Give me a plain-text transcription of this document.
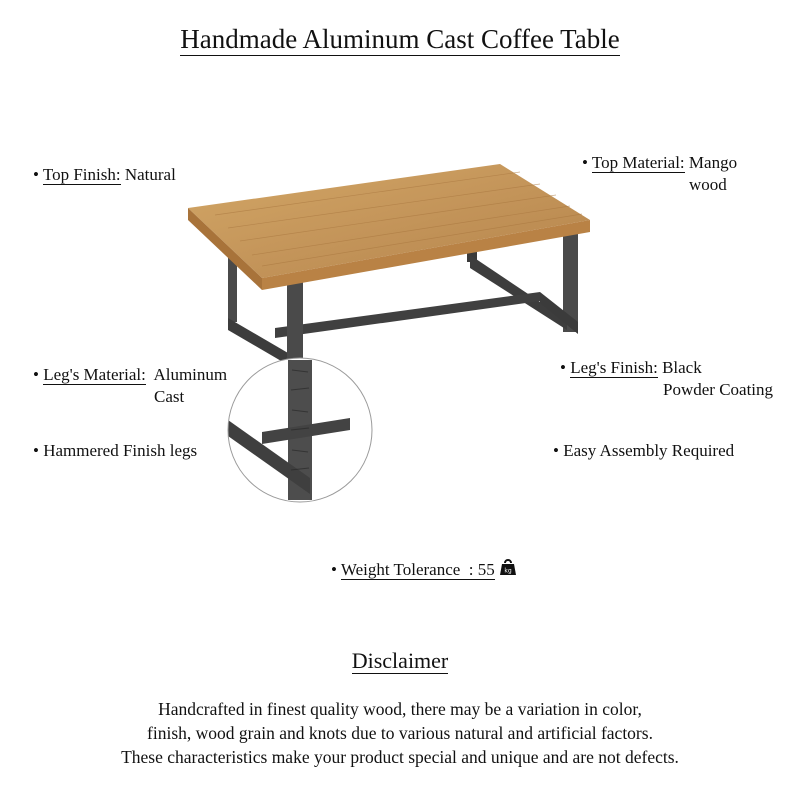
Handmade Aluminum Cast Coffee Table
• Top Finish: Natural
• Top Material: Mango
wood
• Leg's Material: Aluminum
Cast
• Leg's Finish: Black
Powder Coating
• Hammered Finish legs	• Easy Assembly Required
• Weight Tolerance  : 55 kg
Disclaimer
Handcrafted in finest quality wood, there may be a variation in color,
finish, wood grain and knots due to various natural and artificial factors.
These characteristics make your product special and unique and are not defects.
